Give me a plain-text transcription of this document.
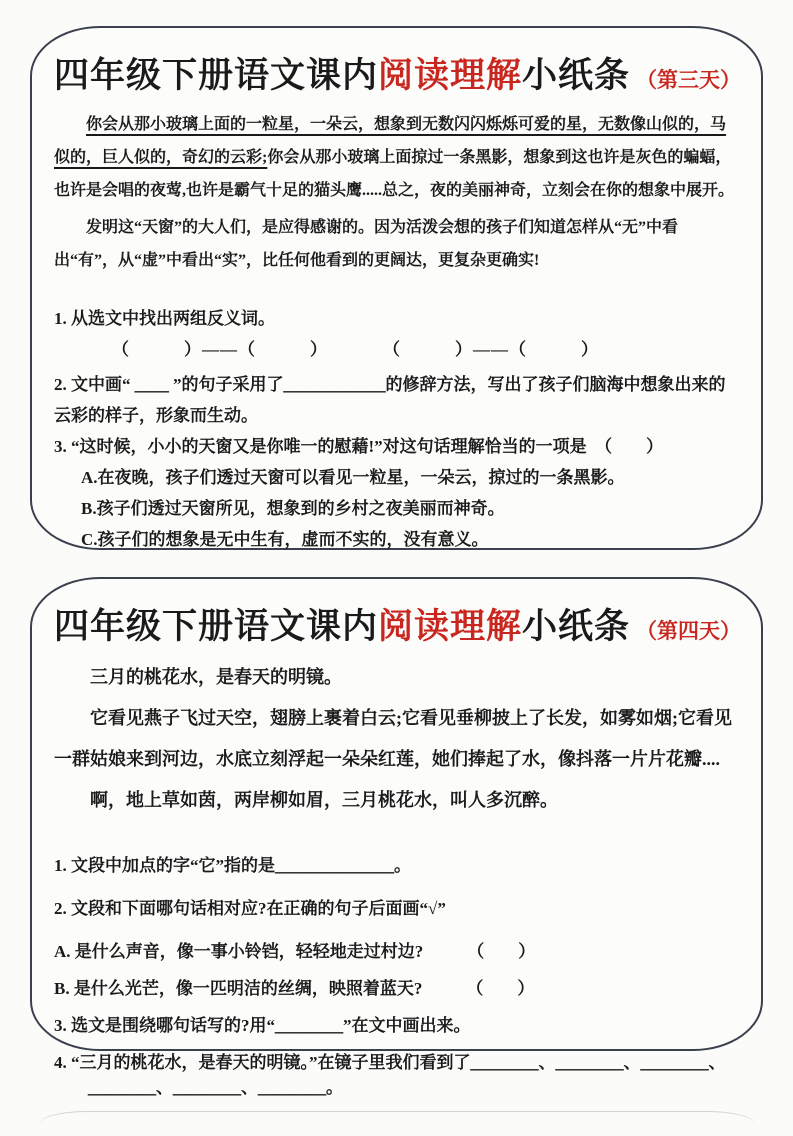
四年级下册语文课内阅读理解小纸条 （第三天）

你会从那小玻璃上面的一粒星，一朵云，想象到无数闪闪烁烁可爱的星，无数像山似的，马似的，巨人似的，奇幻的云彩;你会从那小玻璃上面掠过一条黑影，想象到这也许是灰色的蝙蝠，也许是会唱的夜莺,也许是霸气十足的猫头鹰.....总之，夜的美丽神奇，立刻会在你的想象中展开。

发明这“天窗”的大人们，是应得感谢的。因为活泼会想的孩子们知道怎样从“无”中看出“有”，从“虚”中看出“实”，比任何他看到的更阔达，更复杂更确实!

1. 从选文中找出两组反义词。

（　　　）——（　　　）　　　　（　　　）——（　　　）

2. 文中画“ ＿＿ ”的句子采用了＿＿＿＿＿＿的修辞方法，写出了孩子们脑海中想象出来的云彩的样子，形象而生动。

3. “这时候，小小的天窗又是你唯一的慰藉!”对这句话理解恰当的一项是　（　　）

A.在夜晚，孩子们透过天窗可以看见一粒星，一朵云，掠过的一条黑影。

B.孩子们透过天窗所见，想象到的乡村之夜美丽而神奇。

C.孩子们的想象是无中生有，虚而不实的，没有意义。

四年级下册语文课内阅读理解小纸条 （第四天）

三月的桃花水，是春天的明镜。

它看见燕子飞过天空，翅膀上裹着白云;它看见垂柳披上了长发，如雾如烟;它看见一群姑娘来到河边，水底立刻浮起一朵朵红莲，她们捧起了水，像抖落一片片花瓣....

啊，地上草如茵，两岸柳如眉，三月桃花水，叫人多沉醉。

1. 文段中加点的字“它”指的是＿＿＿＿＿＿＿。

2. 文段和下面哪句话相对应?在正确的句子后面画“√”

A. 是什么声音，像一事小铃铛，轻轻地走过村边?	（　　）

B. 是什么光芒，像一匹明洁的丝绸，映照着蓝天?	（　　）

3. 选文是围绕哪句话写的?用“＿＿＿＿”在文中画出来。

4. “三月的桃花水，是春天的明镜。”在镜子里我们看到了＿＿＿＿、＿＿＿＿、＿＿＿＿、＿＿＿＿、＿＿＿＿、＿＿＿＿。
